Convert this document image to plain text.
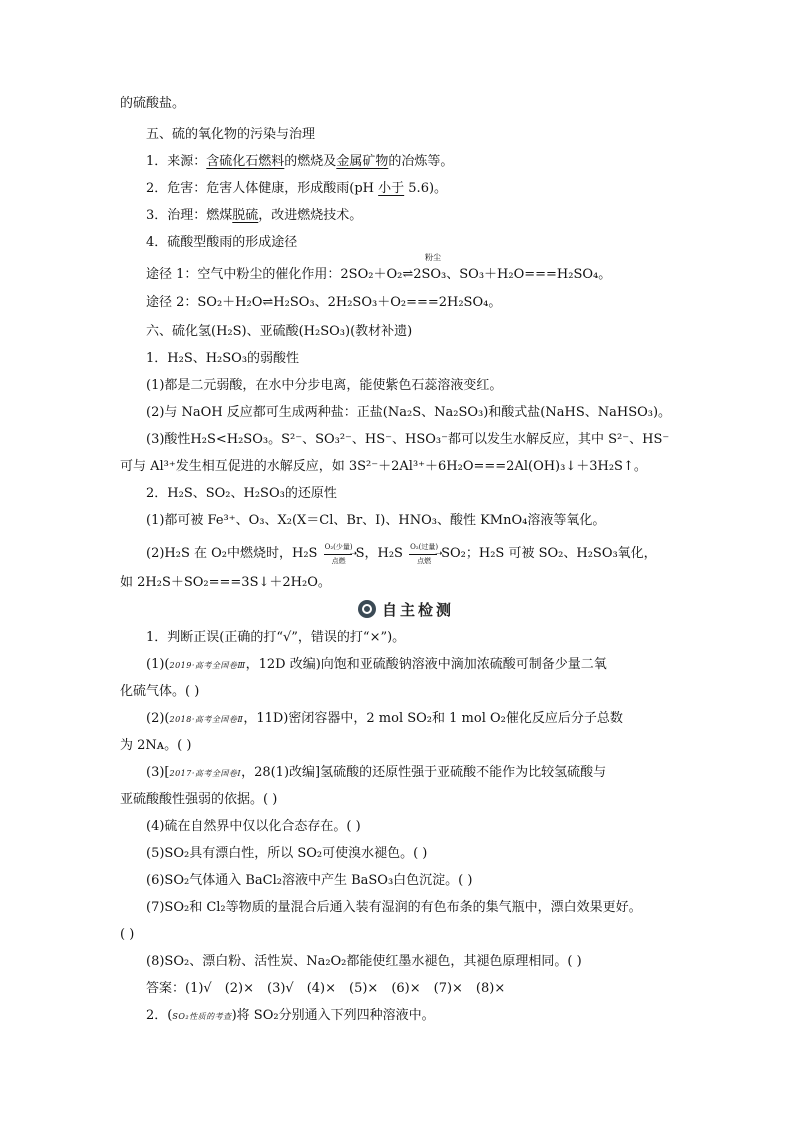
的硫酸盐。
五、硫的氧化物的污染与治理
1．来源：含硫化石燃料的燃烧及金属矿物的冶炼等。
2．危害：危害人体健康，形成酸雨(pH 小于 5.6)。
3．治理：燃煤脱硫，改进燃烧技术。
4．硫酸型酸雨的形成途径
途径 1：空气中粉尘的催化作用：2SO₂＋O₂⇌2SO₃、SO₃＋H₂O===H₂SO₄。
粉尘
途径 2：SO₂＋H₂O⇌H₂SO₃、2H₂SO₃＋O₂===2H₂SO₄。
六、硫化氢(H₂S)、亚硫酸(H₂SO₃)(教材补遗)
1．H₂S、H₂SO₃的弱酸性
(1)都是二元弱酸，在水中分步电离，能使紫色石蕊溶液变红。
(2)与 NaOH 反应都可生成两种盐：正盐(Na₂S、Na₂SO₃)和酸式盐(NaHS、NaHSO₃)。
(3)酸性H₂S<H₂SO₃。S²⁻、SO₃²⁻、HS⁻、HSO₃⁻都可以发生水解反应，其中 S²⁻、HS⁻
可与 Al³⁺发生相互促进的水解反应，如 3S²⁻＋2Al³⁺＋6H₂O===2Al(OH)₃↓＋3H₂S↑。
2．H₂S、SO₂、H₂SO₃的还原性
(1)都可被 Fe³⁺、O₃、X₂(X＝Cl、Br、I)、HNO₃、酸性 KMnO₄溶液等氧化。
(2)H₂S 在 O₂中燃烧时，H₂S O₂(少量)
➝
点燃 S，H₂S O₂(过量)
➝
点燃 SO₂；H₂S 可被 SO₂、H₂SO₃氧化，
如 2H₂S＋SO₂===3S↓＋2H₂O。
自主检测
1．判断正误(正确的打“√”，错误的打“×”)。
(1)(2019·高考全国卷Ⅲ，12D 改编)向饱和亚硫酸钠溶液中滴加浓硫酸可制备少量二氧
化硫气体。( )
(2)(2018·高考全国卷Ⅱ，11D)密闭容器中，2 mol SO₂和 1 mol O₂催化反应后分子总数
为 2Nᴀ。( )
(3)[2017·高考全国卷Ⅰ，28(1)改编]氢硫酸的还原性强于亚硫酸不能作为比较氢硫酸与
亚硫酸酸性强弱的依据。( )
(4)硫在自然界中仅以化合态存在。( )
(5)SO₂具有漂白性，所以 SO₂可使溴水褪色。( )
(6)SO₂气体通入 BaCl₂溶液中产生 BaSO₃白色沉淀。( )
(7)SO₂和 Cl₂等物质的量混合后通入装有湿润的有色布条的集气瓶中，漂白效果更好。
( )
(8)SO₂、漂白粉、活性炭、Na₂O₂都能使红墨水褪色，其褪色原理相同。( )
答案：(1)√　(2)×　(3)√　(4)×　(5)×　(6)×　(7)×　(8)×
2．(SO₂性质的考查)将 SO₂分别通入下列四种溶液中。
